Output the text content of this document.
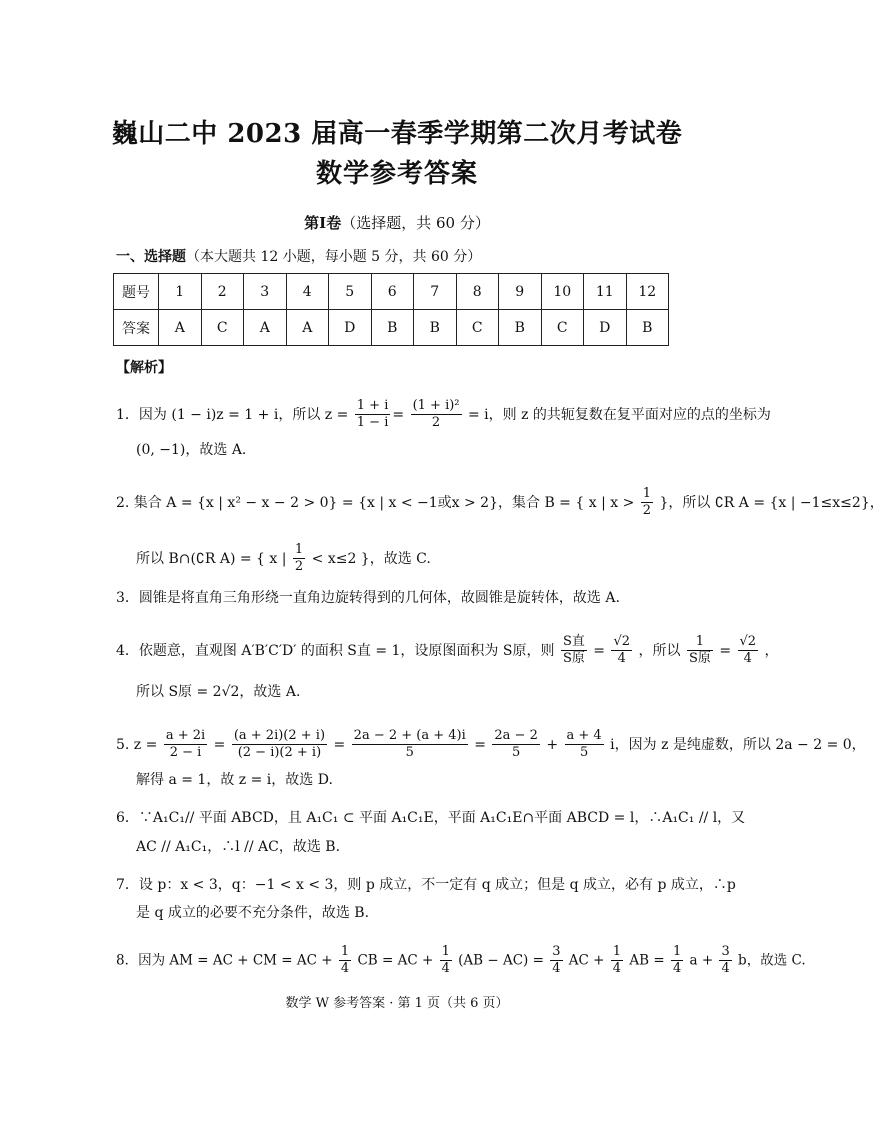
巍山二中 2023 届高一春季学期第二次月考试卷
数学参考答案
第Ⅰ卷（选择题，共 60 分）
一、选择题（本大题共 12 小题，每小题 5 分，共 60 分）
题号	1	2	3	4	5	6	7	8	9	10	11	12
答案	A	C	A	A	D	B	B	C	B	C	D	B
【解析】
1．因为 (1 − i)z = 1 + i，所以 $z = \frac{1 + i}{1 - i} = \frac{\text{(1 + i)²}}{2} = i$，则 z 的共轭复数在复平面对应的点的坐标为
(0, −1)，故选 A.
2. 集合 A = {x | x² − x − 2 > 0} = {x | x < −1或x > 2}，集合 B = { x | $x > \frac{1}{2}$ }，所以 ∁R A = {x | −1≤x≤2}，
所以 B∩(∁R A) = { x | $\frac{1}{2} < x\le 2$ }，故选 C.
3．圆锥是将直角三角形绕一直角边旋转得到的几何体，故圆锥是旋转体，故选 A.
4．依题意，直观图 A′B′C′D′ 的面积 S直 = 1，设原图面积为 S原，则 $\frac{\text{S直}}{\text{S原}} = \frac{√2}{4}$ ，所以 $\frac{1}{\text{S原}} = \frac{√2}{4}$ ，
所以 S原 = 2√2，故选 A.
5. $z = \frac{a + 2i}{2 - i} = \frac{(a + 2i)(2 + i)}{(2 - i)(2 + i)} = \frac{2a - 2 + (a + 4)i}{5} = \frac{2a - 2}{5} + \frac{a + 4}{5}$ i，因为 z 是纯虚数，所以 2a − 2 = 0，
解得 a = 1，故 z = i，故选 D.
6．∵A₁C₁// 平面 ABCD，且 A₁C₁ ⊂ 平面 A₁C₁E，平面 A₁C₁E∩平面 ABCD = l，∴A₁C₁ // l，又
AC // A₁C₁，∴l // AC，故选 B.
7．设 p：x < 3，q：−1 < x < 3，则 p 成立，不一定有 q 成立；但是 q 成立，必有 p 成立，∴p
是 q 成立的必要不充分条件，故选 B.
8．因为 AM = AC + CM = AC + $\frac{1}{4}$ CB = AC + $\frac{1}{4} (AB - AC) = \frac{3}{4}$ AC + $\frac{1}{4}$ AB = $\frac{1}{4}$ $a + \frac{3}{4}$ b，故选 C.
数学 W 参考答案 · 第 1 页（共 6 页）
